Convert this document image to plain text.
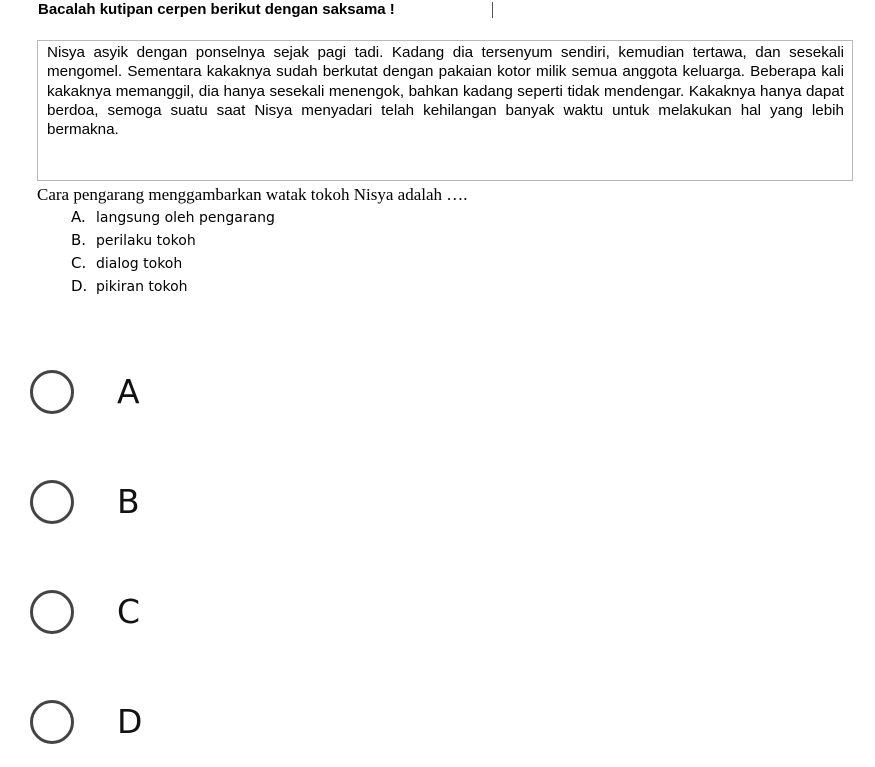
Bacalah kutipan cerpen berikut dengan saksama !

Nisya asyik dengan ponselnya sejak pagi tadi. Kadang dia tersenyum sendiri, kemudian tertawa, dan sesekali mengomel. Sementara kakaknya sudah berkutat dengan pakaian kotor milik semua anggota keluarga. Beberapa kali kakaknya memanggil, dia hanya sesekali menengok, bahkan kadang seperti tidak mendengar. Kakaknya hanya dapat berdoa, semoga suatu saat Nisya menyadari telah kehilangan banyak waktu untuk melakukan hal yang lebih bermakna.

Cara pengarang menggambarkan watak tokoh Nisya adalah ….
A. langsung oleh pengarang
B. perilaku tokoh
C. dialog tokoh
D. pikiran tokoh
A
B
C
D
